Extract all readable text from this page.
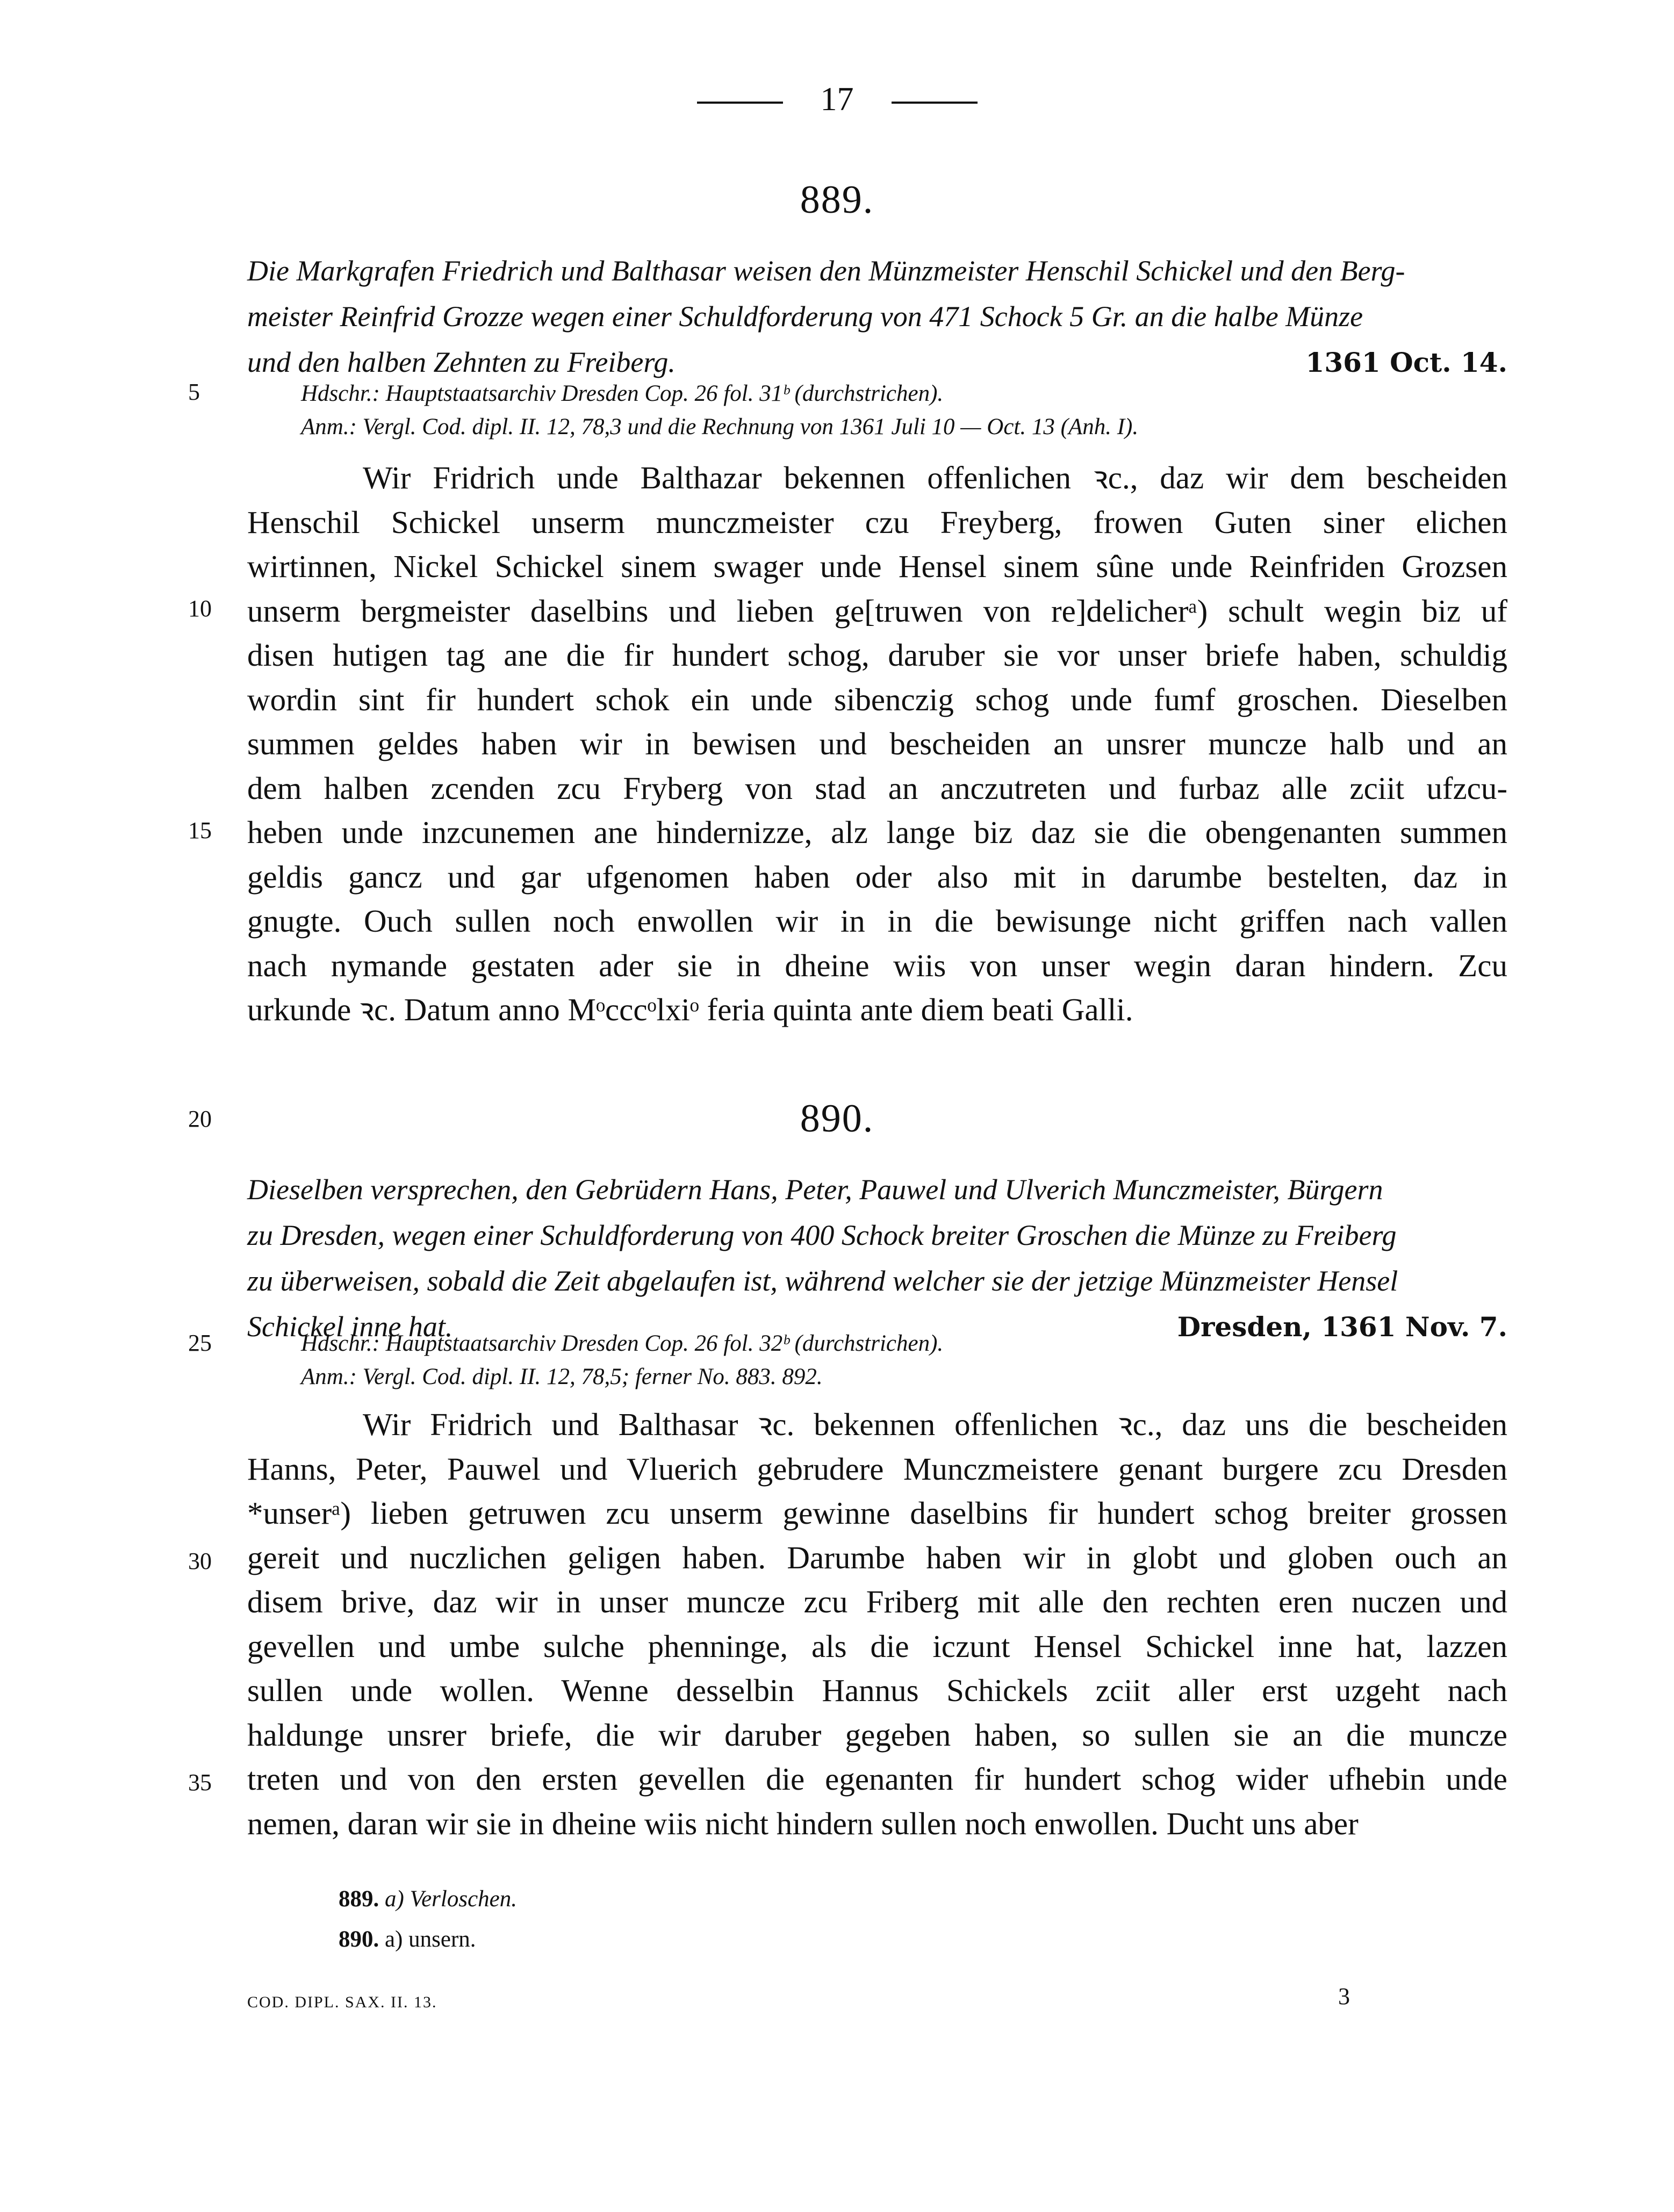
17
889.
Die Markgrafen Friedrich und Balthasar weisen den Münzmeister Henschil Schickel und den Berg-
meister Reinfrid Grozze wegen einer Schuldforderung von 471 Schock 5 Gr. an die halbe Münze
1361 Oct. 14.
und den halben Zehnten zu Freiberg.
Hdschr.: Hauptstaatsarchiv Dresden Cop. 26 fol. 31ᵇ (durchstrichen).
Anm.: Vergl. Cod. dipl. II. 12, 78,3 und die Rechnung von 1361 Juli 10 — Oct. 13 (Anh. I).
Wir Fridrich unde Balthazar bekennen offenlichen ꝛc., daz wir dem bescheiden
Henschil Schickel unserm munczmeister czu Freyberg, frowen Guten siner elichen
wirtinnen, Nickel Schickel sinem swager unde Hensel sinem sûne unde Reinfriden Grozsen
unserm bergmeister daselbins und lieben ge[truwen von re]delicherᵃ) schult wegin biz uf
disen hutigen tag ane die fir hundert schog, daruber sie vor unser briefe haben, schuldig
wordin sint fir hundert schok ein unde sibenczig schog unde fumf groschen. Dieselben
summen geldes haben wir in bewisen und bescheiden an unsrer muncze halb und an
dem halben zcenden zcu Fryberg von stad an anczutreten und furbaz alle zciit ufzcu-
heben unde inzcunemen ane hindernizze, alz lange biz daz sie die obengenanten summen
geldis gancz und gar ufgenomen haben oder also mit in darumbe bestelten, daz in
gnugte. Ouch sullen noch enwollen wir in in die bewisunge nicht griffen nach vallen
nach nymande gestaten ader sie in dheine wiis von unser wegin daran hindern. Zcu
urkunde ꝛc. Datum anno Mᵒcccᵒlxiᵒ feria quinta ante diem beati Galli.
890.
Dieselben versprechen, den Gebrüdern Hans, Peter, Pauwel und Ulverich Munczmeister, Bürgern
zu Dresden, wegen einer Schuldforderung von 400 Schock breiter Groschen die Münze zu Freiberg
zu überweisen, sobald die Zeit abgelaufen ist, während welcher sie der jetzige Münzmeister Hensel
Dresden, 1361 Nov. 7.
Schickel inne hat.
Hdschr.: Hauptstaatsarchiv Dresden Cop. 26 fol. 32ᵇ (durchstrichen).
Anm.: Vergl. Cod. dipl. II. 12, 78,5; ferner No. 883. 892.
Wir Fridrich und Balthasar ꝛc. bekennen offenlichen ꝛc., daz uns die bescheiden
Hanns, Peter, Pauwel und Vluerich gebrudere Munczmeistere genant burgere zcu Dresden
*unserᵃ) lieben getruwen zcu unserm gewinne daselbins fir hundert schog breiter grossen
gereit und nuczlichen geligen haben. Darumbe haben wir in globt und globen ouch an
disem brive, daz wir in unser muncze zcu Friberg mit alle den rechten eren nuczen und
gevellen und umbe sulche phenninge, als die iczunt Hensel Schickel inne hat, lazzen
sullen unde wollen. Wenne desselbin Hannus Schickels zciit aller erst uzgeht nach
haldunge unsrer briefe, die wir daruber gegeben haben, so sullen sie an die muncze
treten und von den ersten gevellen die egenanten fir hundert schog wider ufhebin unde
nemen, daran wir sie in dheine wiis nicht hindern sullen noch enwollen. Ducht uns aber
5
10
15
20
25
30
35
889. a) Verloschen.
890. a) unsern.
COD. DIPL. SAX. II. 13.	3
